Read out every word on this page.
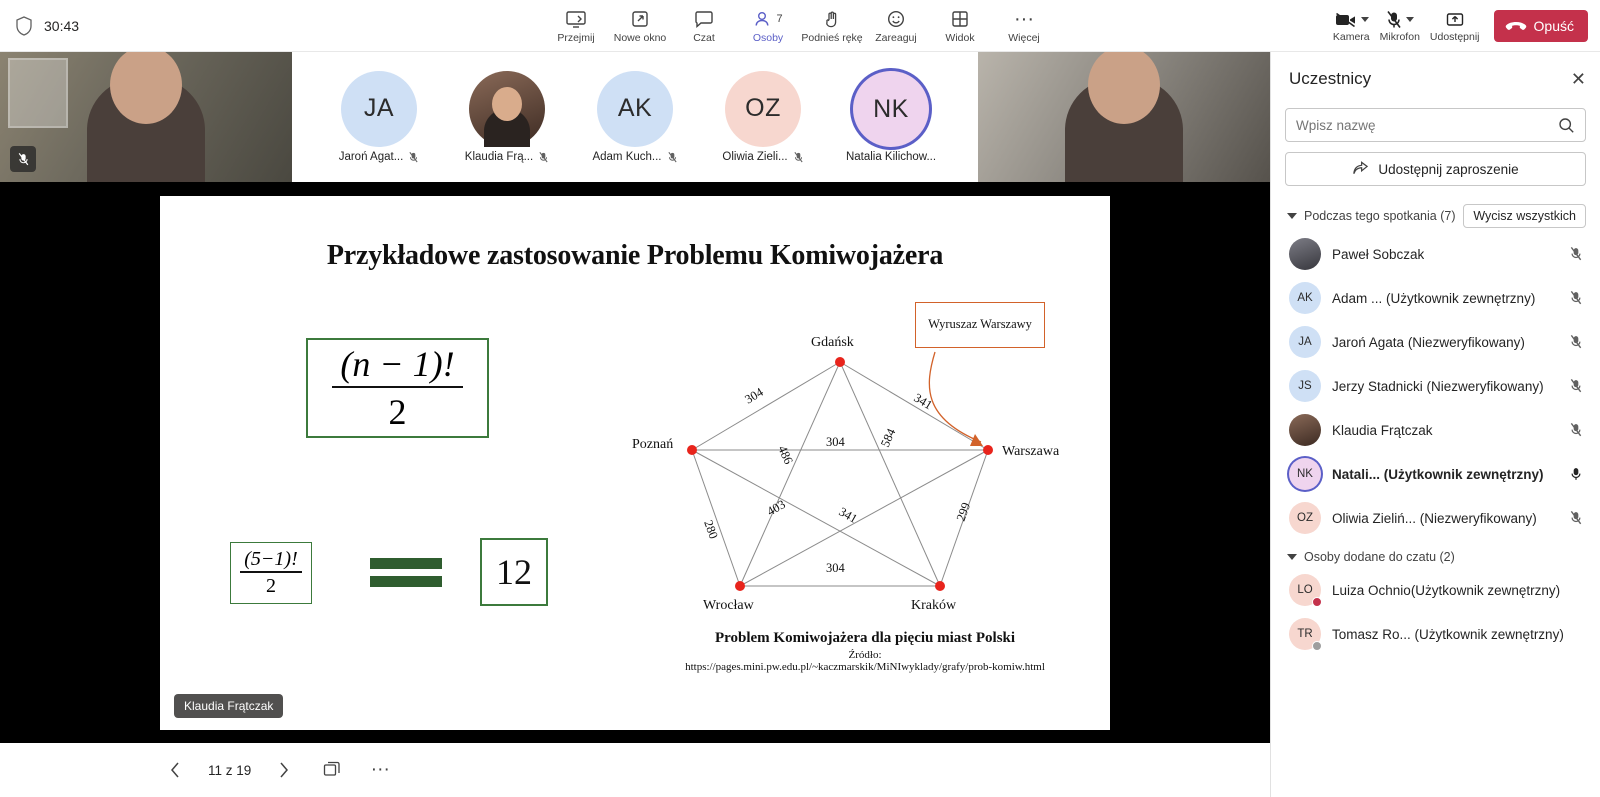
30:43
Przejmij Nowe okno	Czat
7
Osoby Podnieś rękę Zareaguj	Widok
···
Więcej	Kamera Mikrofon Udostępnij
Opuść
JA
Jaroń Agat...	Klaudia Frą...
AK
Adam Kuch...
OZ
Oliwia Zieli...
NK
Natalia Kilichow...
Przykładowe zastosowanie Problemu Komiwojażera
$\frac{(n - 1)!}{2}$
$\frac{(5-1)!}{2}$	12
Gdańsk
Warszawa
Kraków
Wrocław
Poznań
304	341
304
486
584
280
403	341	299
304
Wyrusza z Warszawy
Problem Komiwojażera dla pięciu miast Polski
Źródło:
https://pages.mini.pw.edu.pl/~kaczmarskik/MiNIwyklady/grafy/prob-komiw.html
Klaudia Frątczak
11 z 19	···
Uczestnicy	✕
Wpisz nazwę
Udostępnij zaproszenie
Podczas tego spotkania (7)	Wycisz wszystkich
Paweł Sobczak
AK Adam ... (Użytkownik zewnętrzny)
JA Jaroń Agata (Niezweryfikowany)
JS Jerzy Stadnicki (Niezweryfikowany)
Klaudia Frątczak
NK Natali... (Użytkownik zewnętrzny)
OZ Oliwia Zieliń... (Niezweryfikowany)
Osoby dodane do czatu (2)
LO Luiza Ochnio(Użytkownik zewnętrzny)
TR Tomasz Ro... (Użytkownik zewnętrzny)
